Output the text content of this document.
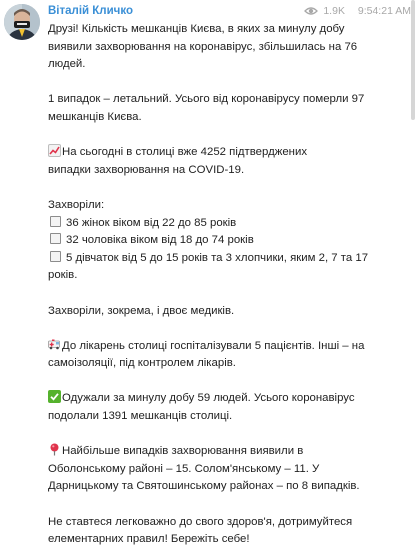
Віталій Кличко	1.9K 9:54:21 AM
Друзі! Кількість мешканців Києва, в яких за минулу добу
виявили захворювання на коронавірус, збільшилась на 76
людей.
1 випадок – летальний. Усього від коронавірусу померли 97
мешканців Києва.
На сьогодні в столиці вже 4252 підтверджених
випадки захворювання на COVID-19.
Захворіли:
36 жінок віком від 22 до 85 років
32 чоловіка віком від 18 до 74 років
5 дівчаток від 5 до 15 років та 3 хлопчики, яким 2, 7 та 17
років.
Захворіли, зокрема, і двоє медиків.
До лікарень столиці госпіталізували 5 пацієнтів. Інші – на
самоізоляції, під контролем лікарів.
Одужали за минулу добу 59 людей. Усього коронавірус
подолали 1391 мешканців столиці.
Найбільше випадків захворювання виявили в
Оболонському районі – 15. Солом'янському – 11. У
Дарницькому та Святошинському районах – по 8 випадків.
Не ставтеся легковажно до свого здоров'я, дотримуйтеся
елементарних правил! Бережіть себе!
